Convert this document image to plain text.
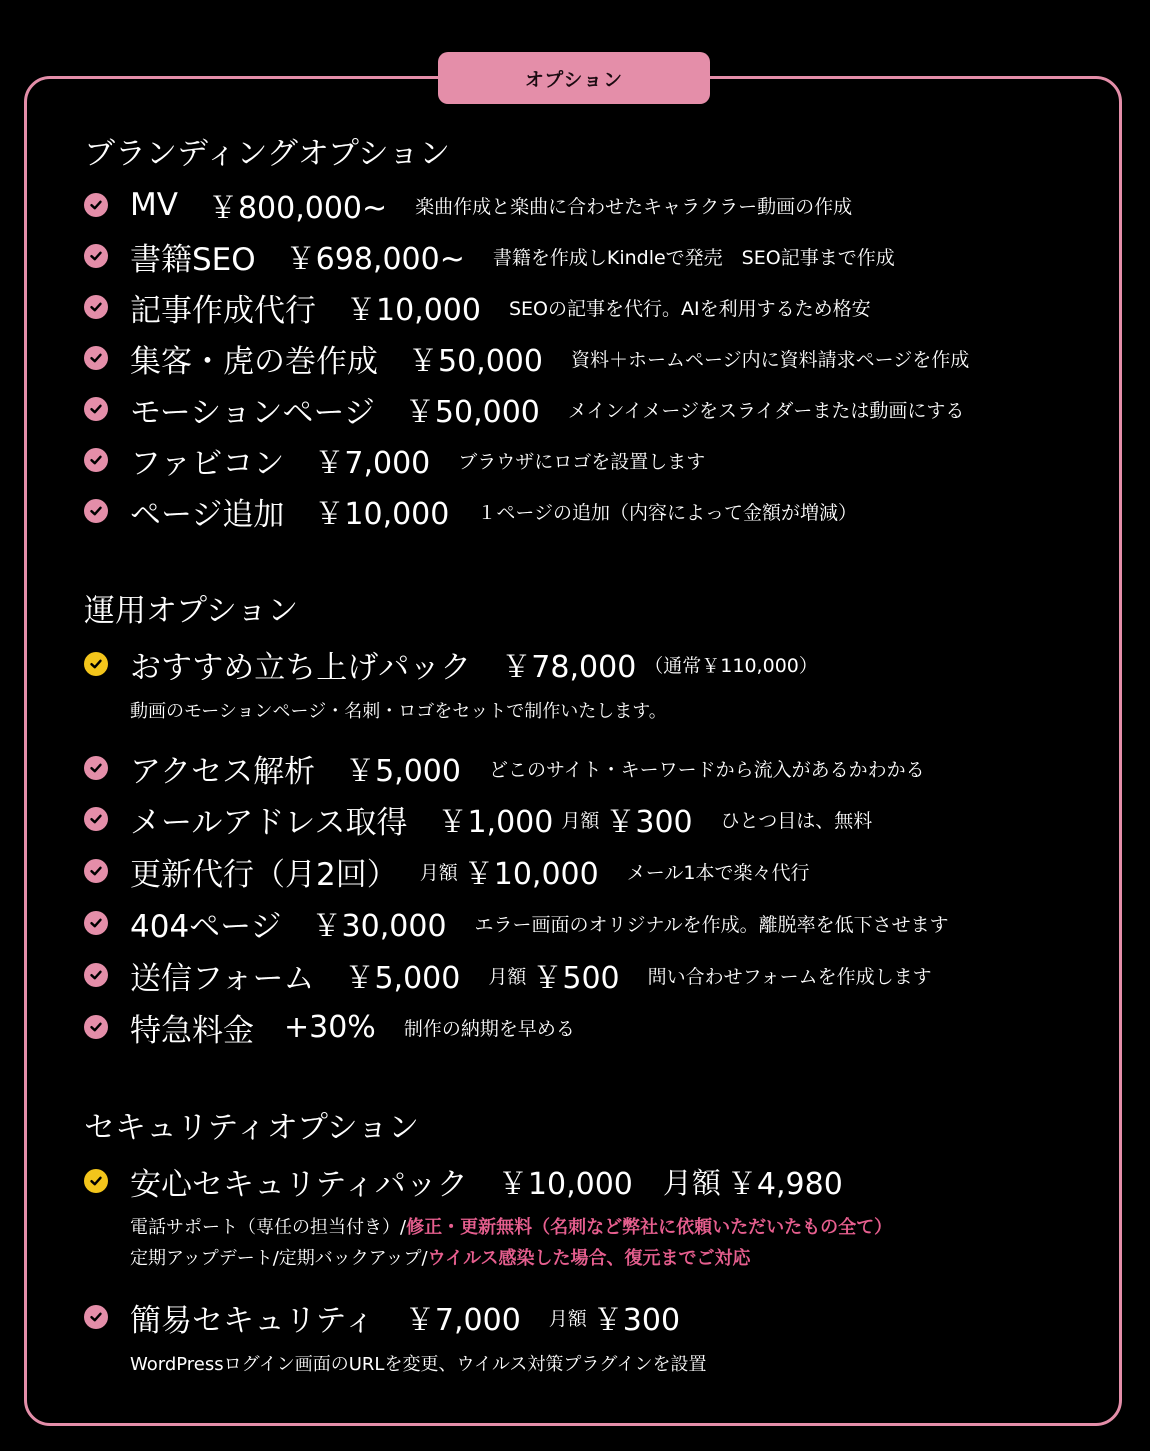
オプション
ブランディングオプション
MV ￥800,000~ 楽曲作成と楽曲に合わせたキャラクラー動画の作成
書籍SEO ￥698,000~ 書籍を作成しKindleで発売　SEO記事まで作成
記事作成代行 ￥10,000 SEOの記事を代行。AIを利用するため格安
集客・虎の巻作成 ￥50,000 資料＋ホームページ内に資料請求ページを作成
モーションページ ￥50,000 メインイメージをスライダーまたは動画にする
ファビコン ￥7,000 ブラウザにロゴを設置します
ページ追加 ￥10,000 １ページの追加（内容によって金額が増減）
運用オプション
おすすめ立ち上げパック ￥78,000 （通常￥110,000）
動画のモーションページ・名刺・ロゴをセットで制作いたします。
アクセス解析 ￥5,000 どこのサイト・キーワードから流入があるかわかる
メールアドレス取得 ￥1,000 月額 ￥300 ひとつ目は、無料
更新代行（月2回） 月額 ￥10,000 メール1本で楽々代行
404ページ ￥30,000 エラー画面のオリジナルを作成。離脱率を低下させます
送信フォーム ￥5,000 月額 ￥500 問い合わせフォームを作成します
特急料金 +30% 制作の納期を早める
セキュリティオプション
安心セキュリティパック ￥10,000 月額 ￥4,980
電話サポート（専任の担当付き）/修正・更新無料（名刺など弊社に依頼いただいたもの全て）
定期アップデート/定期バックアップ/ウイルス感染した場合、復元までご対応
簡易セキュリティ ￥7,000 月額 ￥300
WordPressログイン画面のURLを変更、ウイルス対策プラグインを設置
